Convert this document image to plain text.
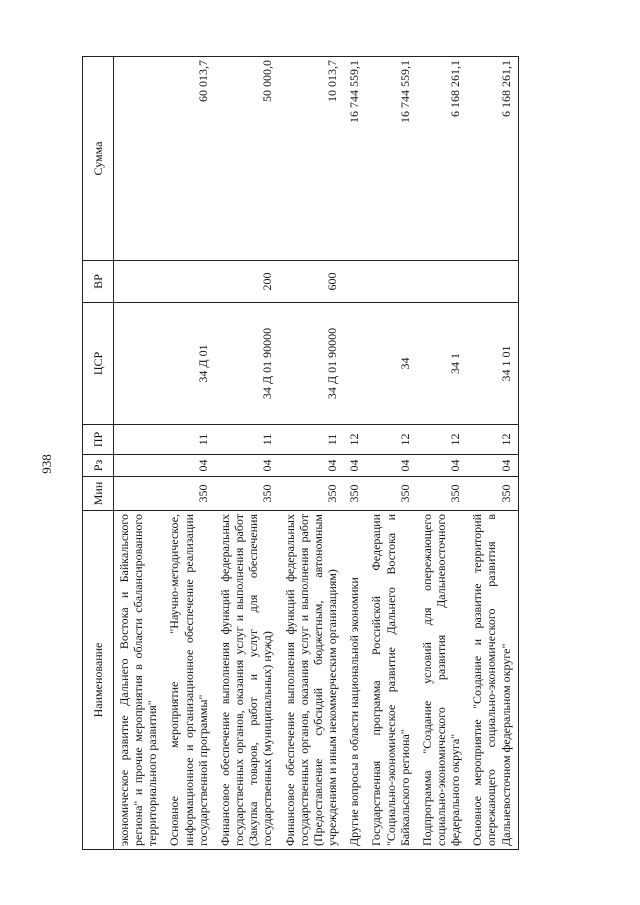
938
Наименование	Мин	Рз	ПР	ЦСР	ВР	Сумма
экономическое развитие Дальнего Востока и Байкальского региона" и прочие мероприятия в области сбалансированного территориального развития"						
Основное мероприятие "Научно-методическое, информационное и организационное обеспечение реализации государственной программы"	350	04	11	34 Д 01		60 013,7
Финансовое обеспечение выполнения функций федеральных государственных органов, оказания услуг и выполнения работ (Закупка товаров, работ и услуг для обеспечения государственных (муниципальных) нужд)	350	04	11	34 Д 01 90000	200	50 000,0
Финансовое обеспечение выполнения функций федеральных государственных органов, оказания услуг и выполнения работ (Предоставление субсидий бюджетным, автономным учреждениям и иным некоммерческим организациям)	350	04	11	34 Д 01 90000	600	10 013,7
Другие вопросы в области национальной экономики	350	04	12			16 744 559,1
Государственная программа Российской Федерации "Социально-экономическое развитие Дальнего Востока и Байкальского региона"	350	04	12	34		16 744 559,1
Подпрограмма "Создание условий для опережающего социально-экономического развития Дальневосточного федерального округа"	350	04	12	34 1		6 168 261,1
Основное мероприятие "Создание и развитие территорий опережающего социально-экономического развития в Дальневосточном федеральном округе"	350	04	12	34 1 01		6 168 261,1
